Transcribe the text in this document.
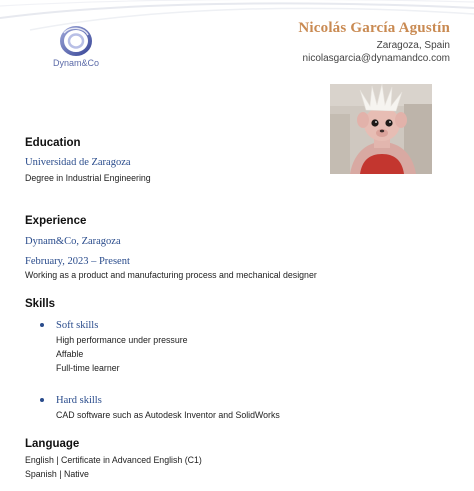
Dynam&Co
Nicolás García Agustín
Zaragoza, Spain
nicolasgarcia@dynamandco.com
Education
Universidad de Zaragoza
Degree in Industrial Engineering
Experience
Dynam&Co, Zaragoza
February, 2023 – Present
Working as a product and manufacturing process and mechanical designer
Skills
Soft skills
High performance under pressure
Affable
Full-time learner
Hard skills
CAD software such as Autodesk Inventor and SolidWorks
Language
English | Certificate in Advanced English (C1)
Spanish | Native
